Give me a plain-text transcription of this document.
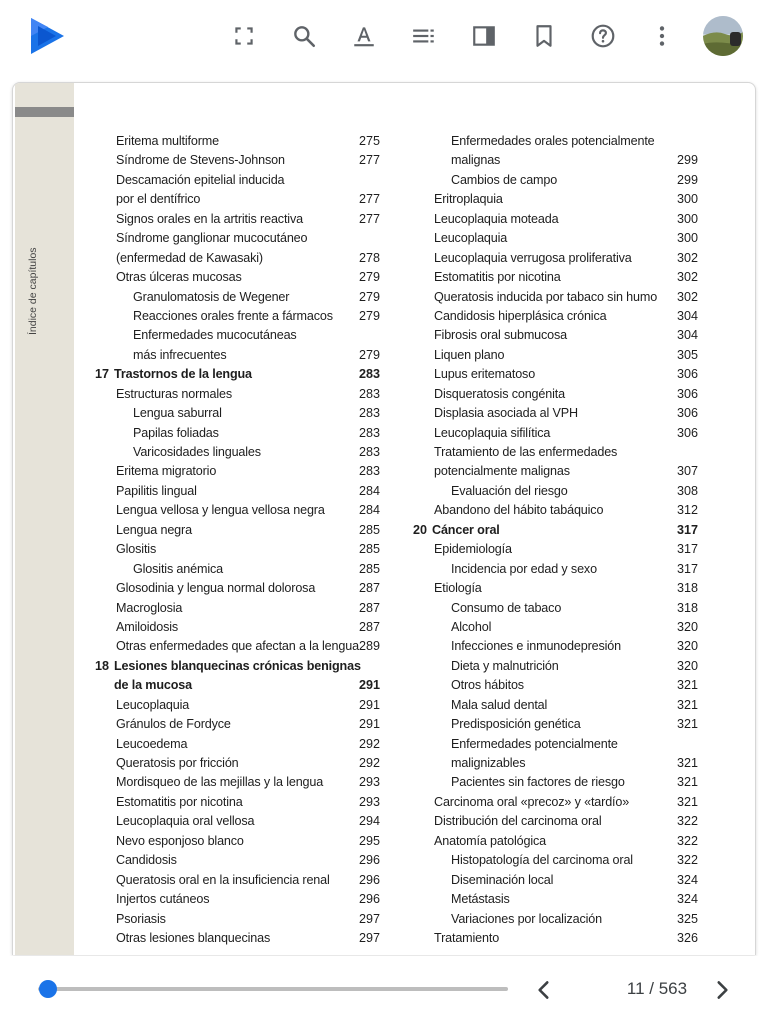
Índice de capítulos
Eritema multiforme	275
Síndrome de Stevens-Johnson	277
Descamación epitelial inducida
por el dentífrico	277
Signos orales en la artritis reactiva	277
Síndrome ganglionar mucocutáneo
(enfermedad de Kawasaki)	278
Otras úlceras mucosas	279
Granulomatosis de Wegener	279
Reacciones orales frente a fármacos 279
Enfermedades mucocutáneas
más infrecuentes	279
17 Trastornos de la lengua	283
Estructuras normales	283
Lengua saburral	283
Papilas foliadas	283
Varicosidades linguales	283
Eritema migratorio	283
Papilitis lingual	284
Lengua vellosa y lengua vellosa negra	284
Lengua negra	285
Glositis	285
Glositis anémica	285
Glosodinia y lengua normal dolorosa	287
Macroglosia	287
Amiloidosis	287
Otras enfermedades que afectan a la lengua 289
18 Lesiones blanquecinas crónicas benignas
de la mucosa	291
Leucoplaquia	291
Gránulos de Fordyce	291
Leucoedema	292
Queratosis por fricción	292
Mordisqueo de las mejillas y la lengua	293
Estomatitis por nicotina	293
Leucoplaquia oral vellosa	294
Nevo esponjoso blanco	295
Candidosis	296
Queratosis oral en la insuficiencia renal 296
Injertos cutáneos	296
Psoriasis	297
Otras lesiones blanquecinas	297
Enfermedades orales potencialmente
malignas	299
Cambios de campo	299
Eritroplaquia	300
Leucoplaquia moteada	300
Leucoplaquia	300
Leucoplaquia verrugosa proliferativa	302
Estomatitis por nicotina	302
Queratosis inducida por tabaco sin humo 302
Candidosis hiperplásica crónica	304
Fibrosis oral submucosa	304
Liquen plano	305
Lupus eritematoso	306
Disqueratosis congénita	306
Displasia asociada al VPH	306
Leucoplaquia sifilítica	306
Tratamiento de las enfermedades
potencialmente malignas	307
Evaluación del riesgo	308
Abandono del hábito tabáquico	312
20 Cáncer oral	317
Epidemiología	317
Incidencia por edad y sexo	317
Etiología	318
Consumo de tabaco	318
Alcohol	320
Infecciones e inmunodepresión	320
Dieta y malnutrición	320
Otros hábitos	321
Mala salud dental	321
Predisposición genética	321
Enfermedades potencialmente
malignizables	321
Pacientes sin factores de riesgo	321
Carcinoma oral «precoz» y «tardío»	321
Distribución del carcinoma oral	322
Anatomía patológica	322
Histopatología del carcinoma oral	322
Diseminación local	324
Metástasis	324
Variaciones por localización	325
Tratamiento	326
11 / 563
